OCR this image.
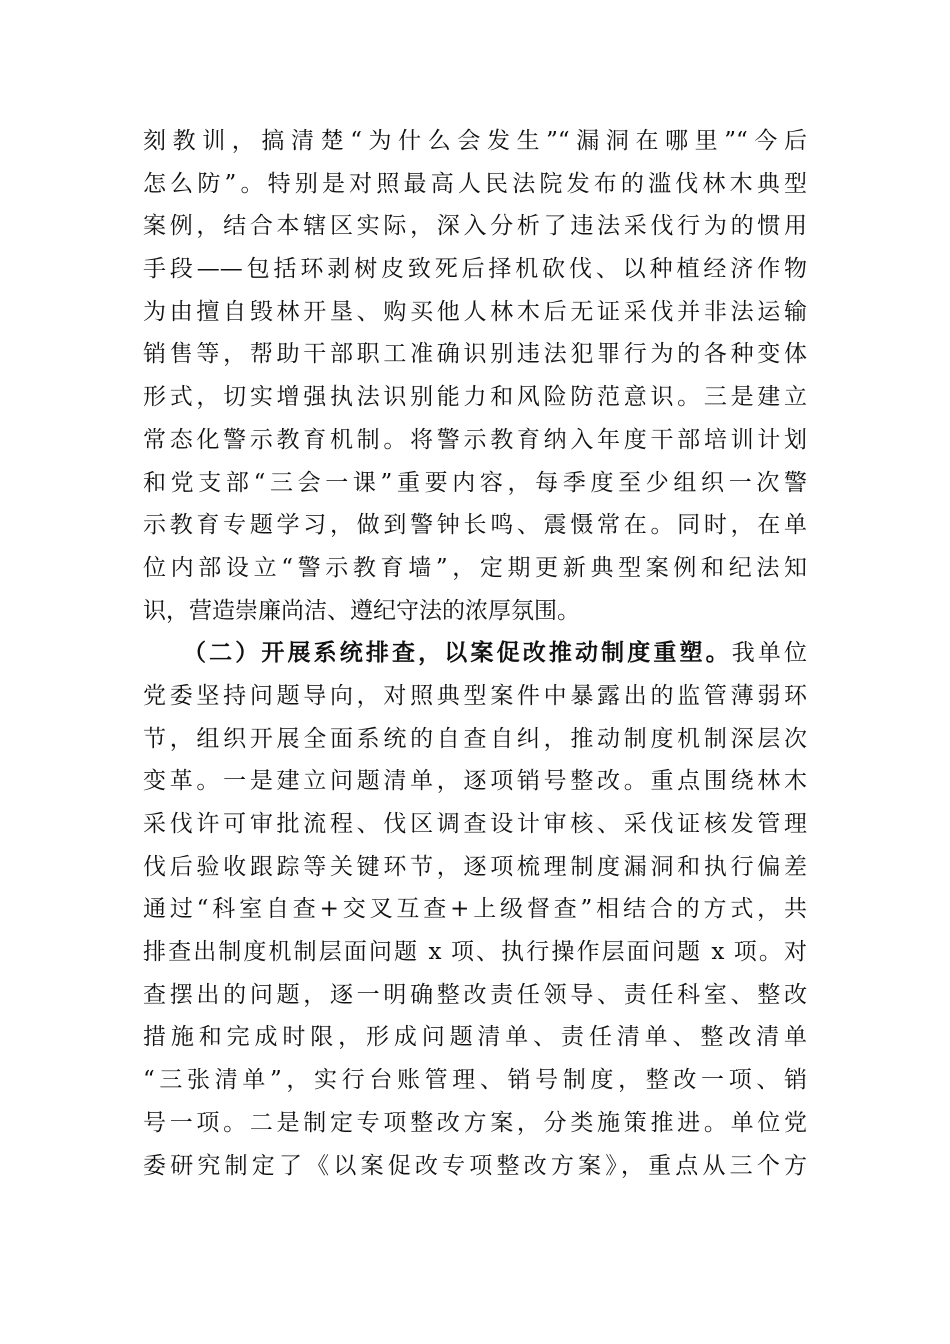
刻教训，搞清楚“为什么会发生”“漏洞在哪里”“今后
怎么防”。特别是对照最高人民法院发布的滥伐林木典型
案例，结合本辖区实际，深入分析了违法采伐行为的惯用
手段——包括环剥树皮致死后择机砍伐、以种植经济作物
为由擅自毁林开垦、购买他人林木后无证采伐并非法运输
销售等，帮助干部职工准确识别违法犯罪行为的各种变体
形式，切实增强执法识别能力和风险防范意识。三是建立
常态化警示教育机制。将警示教育纳入年度干部培训计划
和党支部“三会一课”重要内容，每季度至少组织一次警
示教育专题学习，做到警钟长鸣、震慑常在。同时，在单
位内部设立“警示教育墙”，定期更新典型案例和纪法知
识，营造崇廉尚洁、遵纪守法的浓厚氛围。
（二）开展系统排查，以案促改推动制度重塑。我单位
党委坚持问题导向，对照典型案件中暴露出的监管薄弱环
节，组织开展全面系统的自查自纠，推动制度机制深层次
变革。一是建立问题清单，逐项销号整改。重点围绕林木
采伐许可审批流程、伐区调查设计审核、采伐证核发管理
伐后验收跟踪等关键环节，逐项梳理制度漏洞和执行偏差
通过“科室自查+交叉互查+上级督查”相结合的方式，共
排查出制度机制层面问题 x 项、执行操作层面问题 x 项。对
查摆出的问题，逐一明确整改责任领导、责任科室、整改
措施和完成时限，形成问题清单、责任清单、整改清单
“三张清单”，实行台账管理、销号制度，整改一项、销
号一项。二是制定专项整改方案，分类施策推进。单位党
委研究制定了《以案促改专项整改方案》，重点从三个方
